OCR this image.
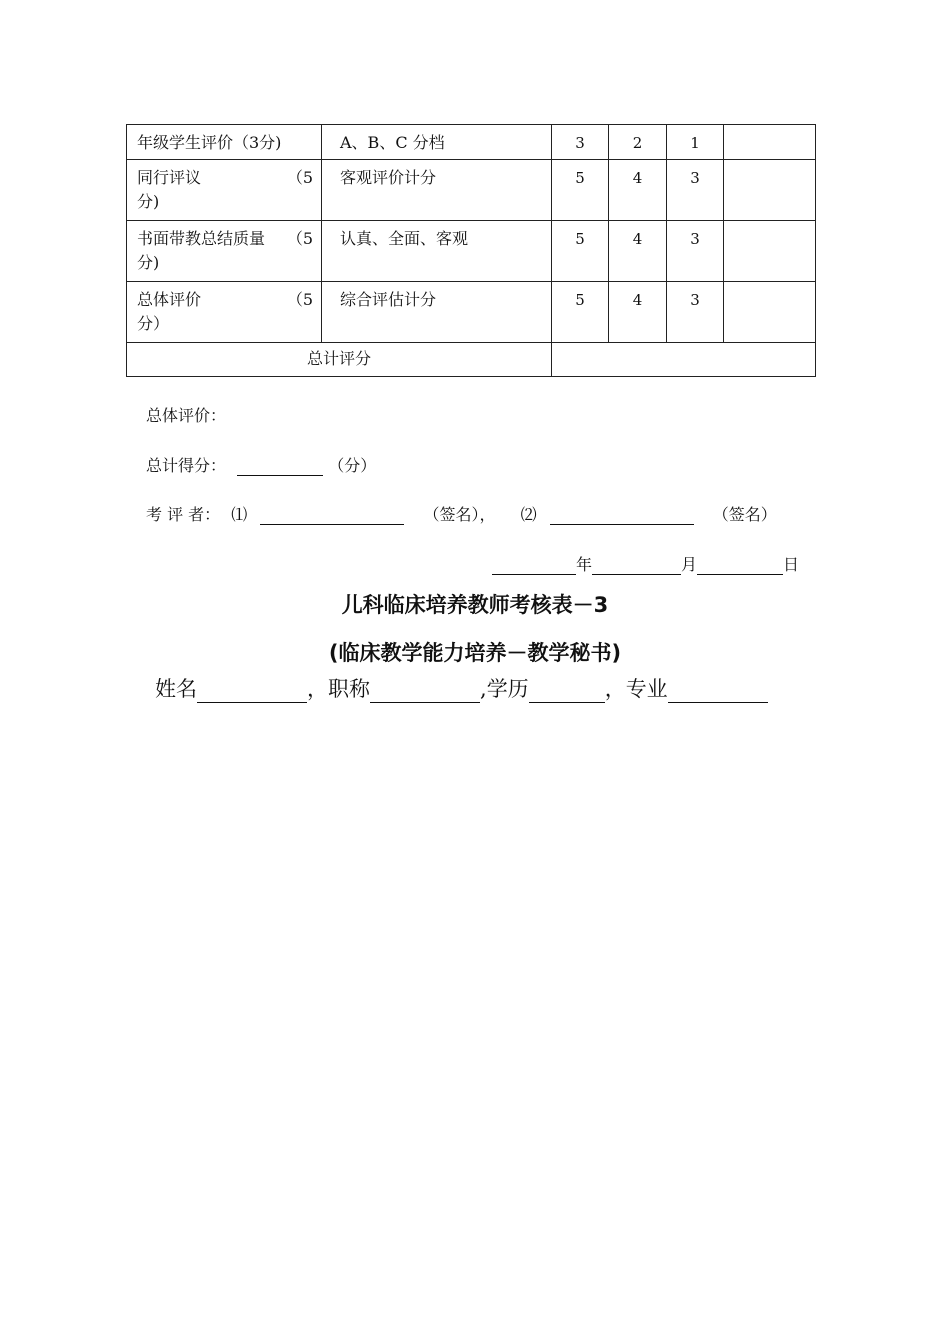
年级学生评价（3分)	A、B、C 分档	3	2	1	

同行评议 （5
分)	客观评价计分	5	4	3	

书面带教总结质量 （5
分)	认真、全面、客观	5	4	3	

总体评价 （5
分）	综合评估计分	5	4	3	
总计评分					
总体评价：
总计得分：	（分）
考 评 者： ⑴	（签名）， ⑵	（签名）
年	月	日
儿科临床培养教师考核表－3
(临床教学能力培养－教学秘书)
姓名	，职称	,学历	，专业
